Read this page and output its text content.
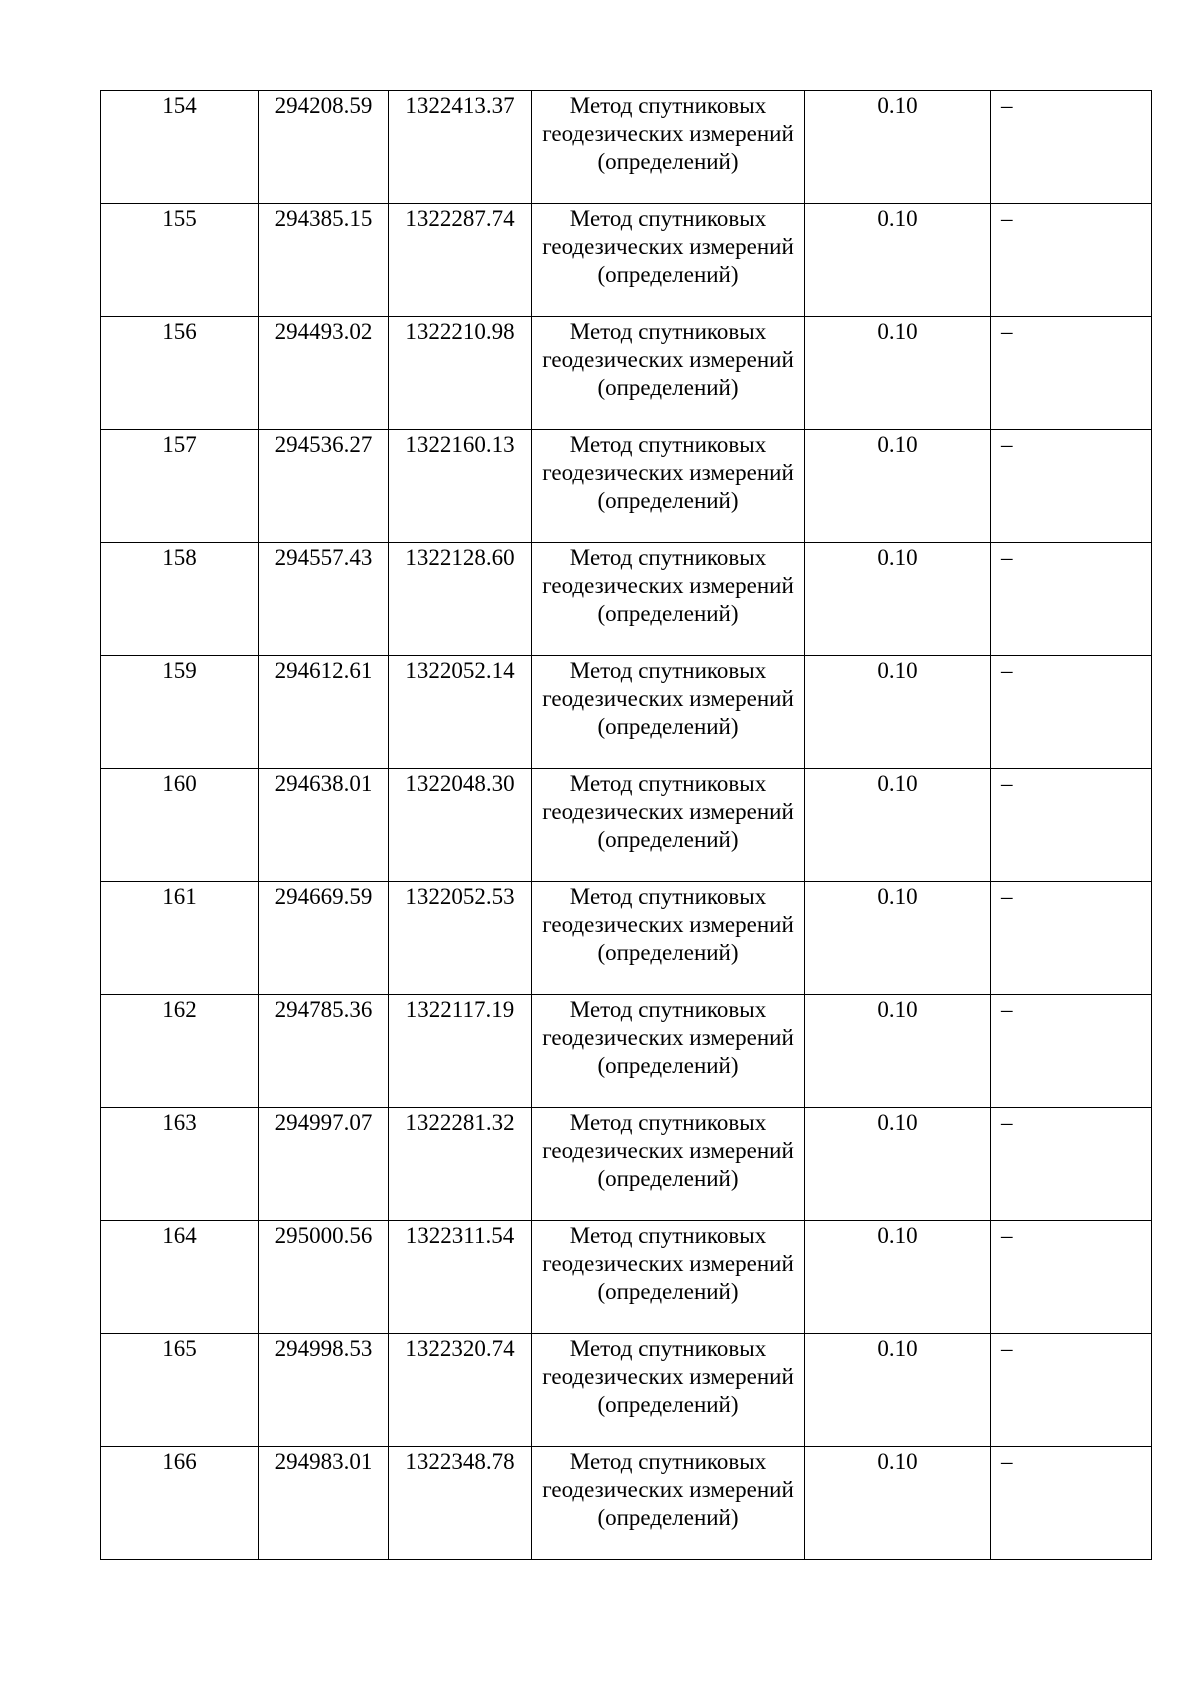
154	294208.59	1322413.37	Метод спутниковых геодезических измерений (определений)	0.10	–

155	294385.15	1322287.74	Метод спутниковых геодезических измерений (определений)	0.10	–

156	294493.02	1322210.98	Метод спутниковых геодезических измерений (определений)	0.10	–

157	294536.27	1322160.13	Метод спутниковых геодезических измерений (определений)	0.10	–

158	294557.43	1322128.60	Метод спутниковых геодезических измерений (определений)	0.10	–

159	294612.61	1322052.14	Метод спутниковых геодезических измерений (определений)	0.10	–

160	294638.01	1322048.30	Метод спутниковых геодезических измерений (определений)	0.10	–

161	294669.59	1322052.53	Метод спутниковых геодезических измерений (определений)	0.10	–

162	294785.36	1322117.19	Метод спутниковых геодезических измерений (определений)	0.10	–

163	294997.07	1322281.32	Метод спутниковых геодезических измерений (определений)	0.10	–

164	295000.56	1322311.54	Метод спутниковых геодезических измерений (определений)	0.10	–

165	294998.53	1322320.74	Метод спутниковых геодезических измерений (определений)	0.10	–

166	294983.01	1322348.78	Метод спутниковых геодезических измерений (определений)	0.10	–
